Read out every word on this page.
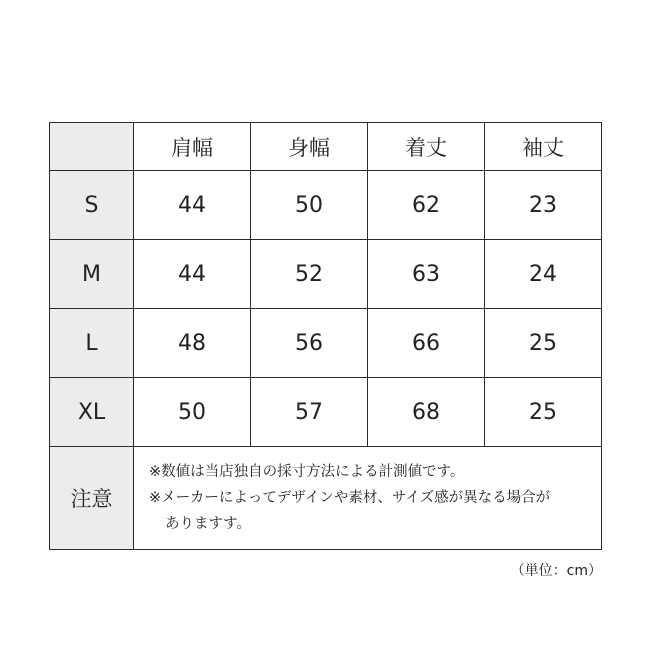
	肩幅	身幅	着丈	袖丈
S	44	50	62	23
M	44	52	63	24
L	48	56	66	25
XL	50	57	68	25
注意	※数値は当店独自の採寸方法による計測値です。
※メーカーによってデザインや素材、サイズ感が異なる場合が
ありますす。			
（単位：cm）
